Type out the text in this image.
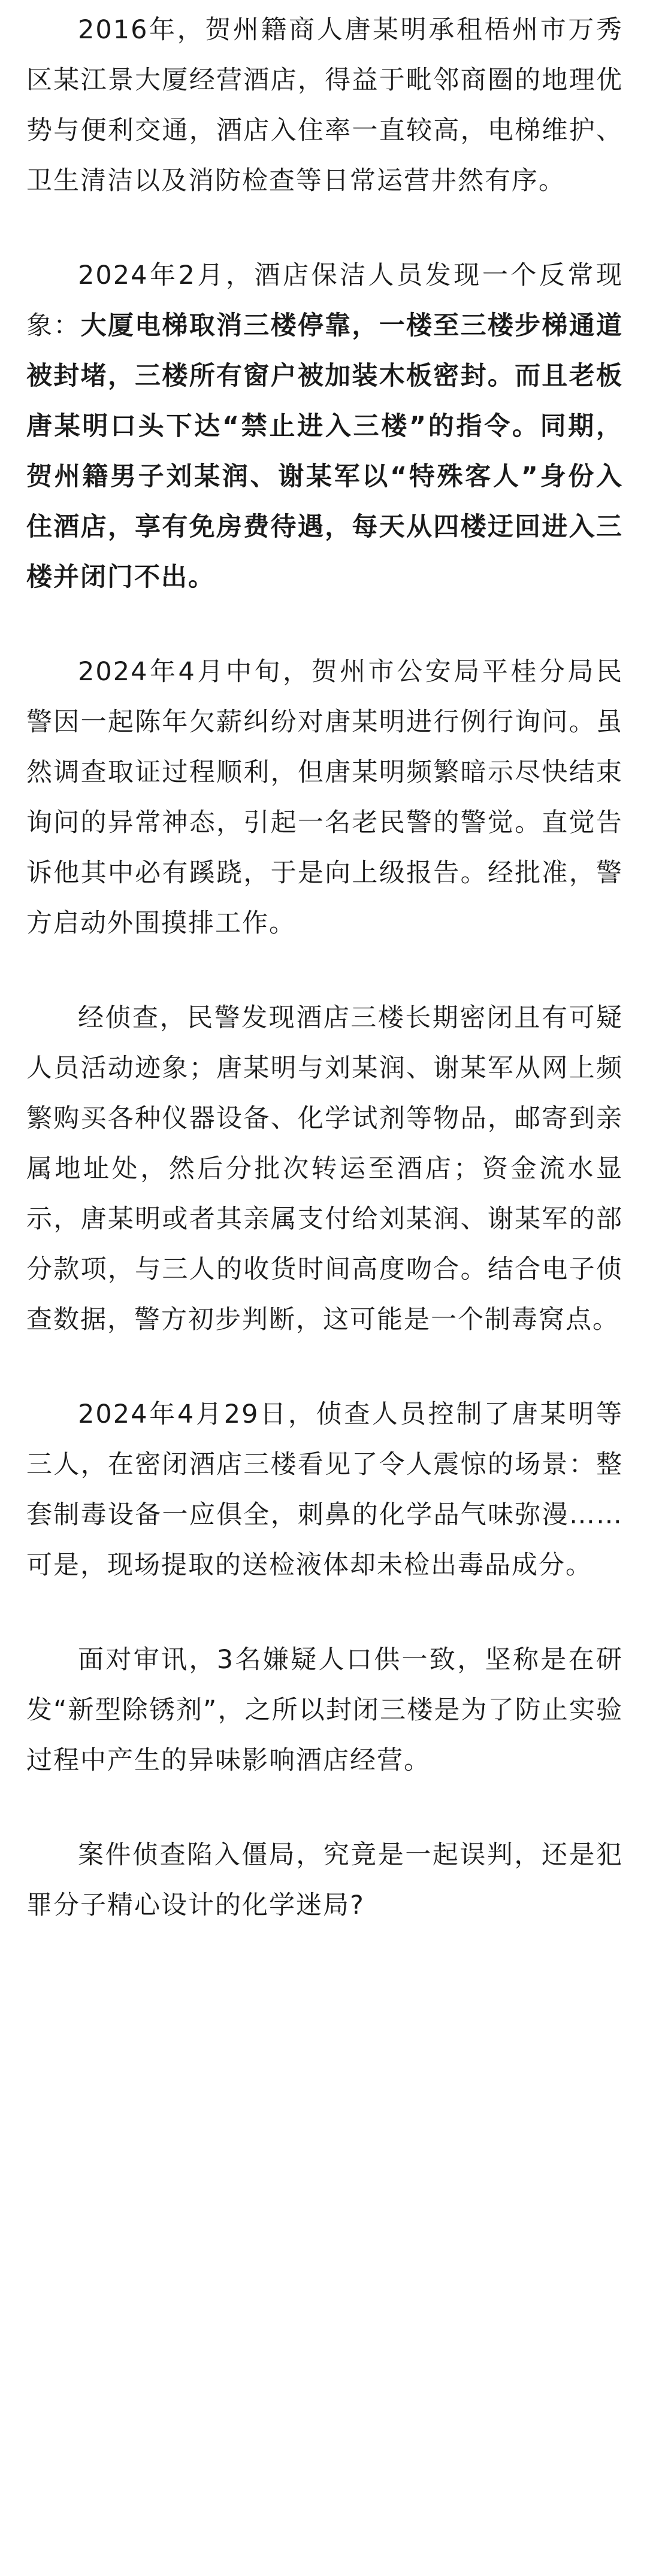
2016年，贺州籍商人唐某明承租梧州市万秀区某江景大厦经营酒店，得益于毗邻商圈的地理优势与便利交通，酒店入住率一直较高，电梯维护、卫生清洁以及消防检查等日常运营井然有序。

2024年2月，酒店保洁人员发现一个反常现象：大厦电梯取消三楼停靠，一楼至三楼步梯通道被封堵，三楼所有窗户被加装木板密封。而且老板唐某明口头下达“禁止进入三楼”的指令。同期，贺州籍男子刘某润、谢某军以“特殊客人”身份入住酒店，享有免房费待遇，每天从四楼迂回进入三楼并闭门不出。

2024年4月中旬，贺州市公安局平桂分局民警因一起陈年欠薪纠纷对唐某明进行例行询问。虽然调查取证过程顺利，但唐某明频繁暗示尽快结束询问的异常神态，引起一名老民警的警觉。直觉告诉他其中必有蹊跷，于是向上级报告。经批准，警方启动外围摸排工作。

经侦查，民警发现酒店三楼长期密闭且有可疑人员活动迹象；唐某明与刘某润、谢某军从网上频繁购买各种仪器设备、化学试剂等物品，邮寄到亲属地址处，然后分批次转运至酒店；资金流水显示，唐某明或者其亲属支付给刘某润、谢某军的部分款项，与三人的收货时间高度吻合。结合电子侦查数据，警方初步判断，这可能是一个制毒窝点。

2024年4月29日，侦查人员控制了唐某明等三人，在密闭酒店三楼看见了令人震惊的场景：整套制毒设备一应俱全，刺鼻的化学品气味弥漫……可是，现场提取的送检液体却未检出毒品成分。

面对审讯，3名嫌疑人口供一致，坚称是在研发“新型除锈剂”，之所以封闭三楼是为了防止实验过程中产生的异味影响酒店经营。

案件侦查陷入僵局，究竟是一起误判，还是犯罪分子精心设计的化学迷局?
